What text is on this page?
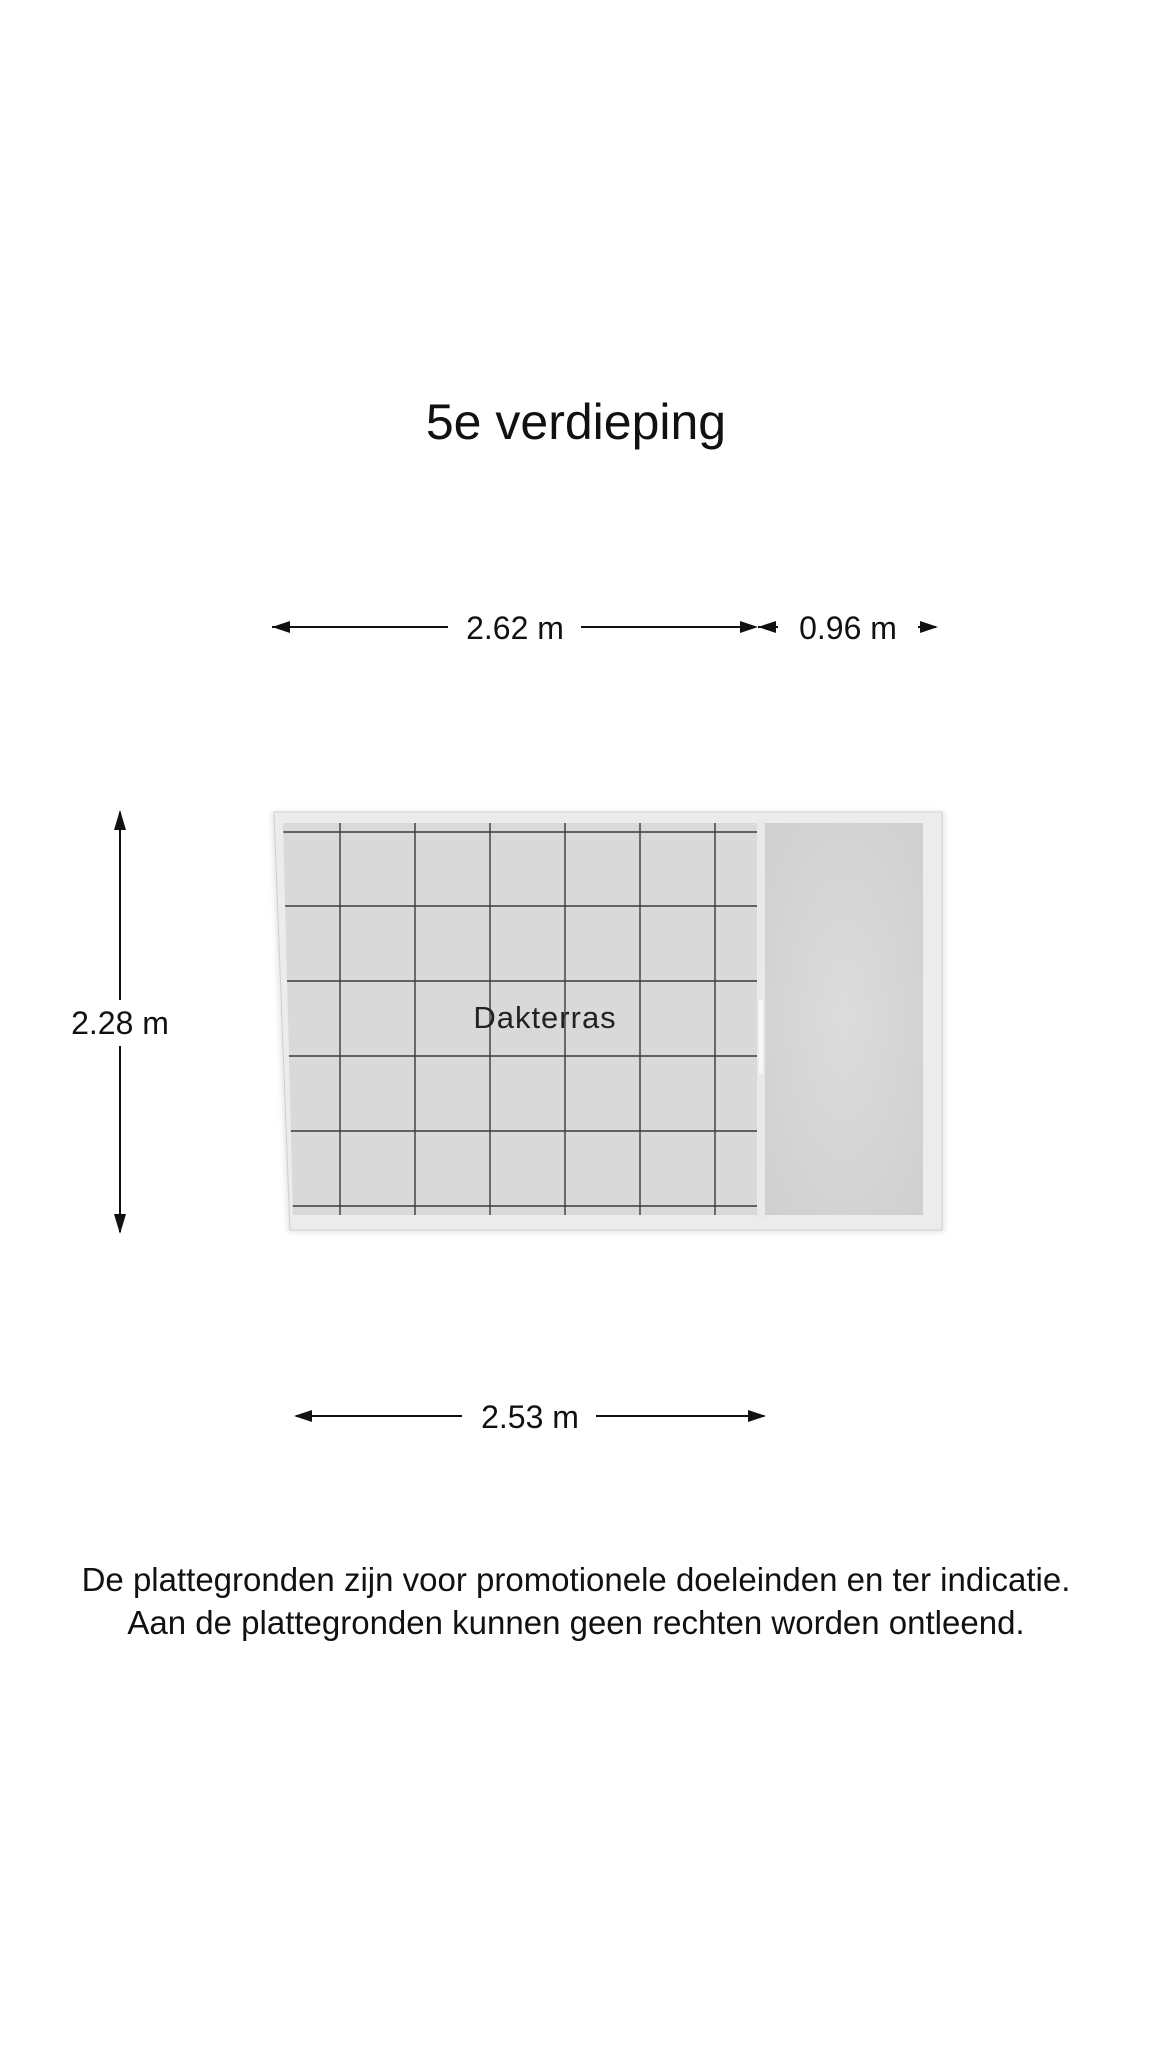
5e verdieping
2.62 m	0.96 m
2.28 m	Dakterras
2.53 m
De plattegronden zijn voor promotionele doeleinden en ter indicatie.
Aan de plattegronden kunnen geen rechten worden ontleend.
